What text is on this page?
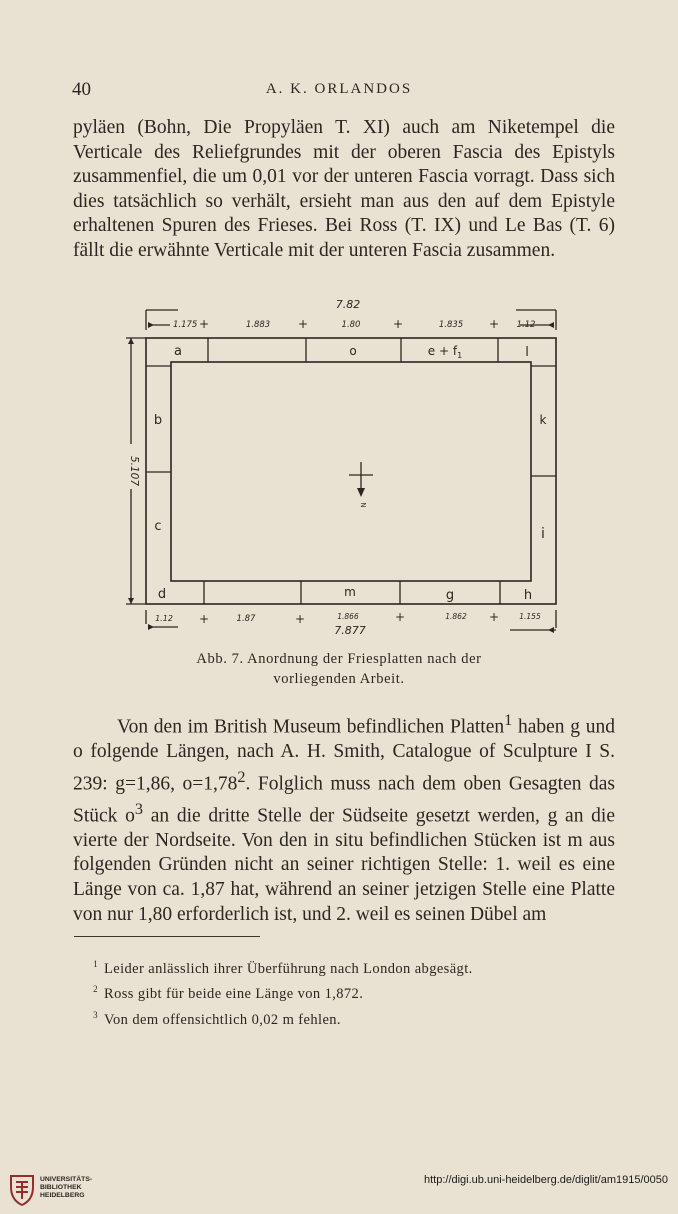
40	A. K. ORLANDOS

pyläen (Bohn, Die Propyläen T. XI) auch am Niketempel die Verticale des Reliefgrundes mit der oberen Fascia des Epistyls zusammenfiel, die um 0,01 vor der unteren Fascia vorragt. Dass sich dies tatsächlich so verhält, ersieht man aus den auf dem Epistyle erhaltenen Spuren des Frieses. Bei Ross (T. IX) und Le Bas (T. 6) fällt die erwähnte Verticale mit der unteren Fascia zusammen.

7.82
1.175 +	1.883 +	1.80	+	1.835 + 1.12
1.12 +	1.87	+	1.866
7.877
+	1.862 +	1.155
5.107
a	o	$e + f_1$	l
b
c
k
i
d	m	g	h
N
Abb. 7. Anordnung der Friesplatten nach der
vorliegenden Arbeit.

Von den im British Museum befindlichen Platten$^1$ haben g und o folgende Längen, nach A. H. Smith, Catalogue of Sculpture I S. 239: g=1,86, $o=1,78^2$. Folglich muss nach dem oben Gesagten das Stück $o^3$ an die dritte Stelle der Südseite gesetzt werden, g an die vierte der Nordseite. Von den in situ befindlichen Stücken ist m aus folgenden Gründen nicht an seiner richtigen Stelle: 1. weil es eine Länge von ca. 1,87 hat, während an seiner jetzigen Stelle eine Platte von nur 1,80 erforderlich ist, und 2. weil es seinen Dübel am

$^1$ Leider anlässlich ihrer Überführung nach London abgesägt.
$^2$ Ross gibt für beide eine Länge von 1,872.
$^3$ Von dem offensichtlich 0,02 m fehlen.
UNIVERSITÄTS-
BIBLIOTHEK
HEIDELBERG
http://digi.ub.uni-heidelberg.de/diglit/am1915/0050
